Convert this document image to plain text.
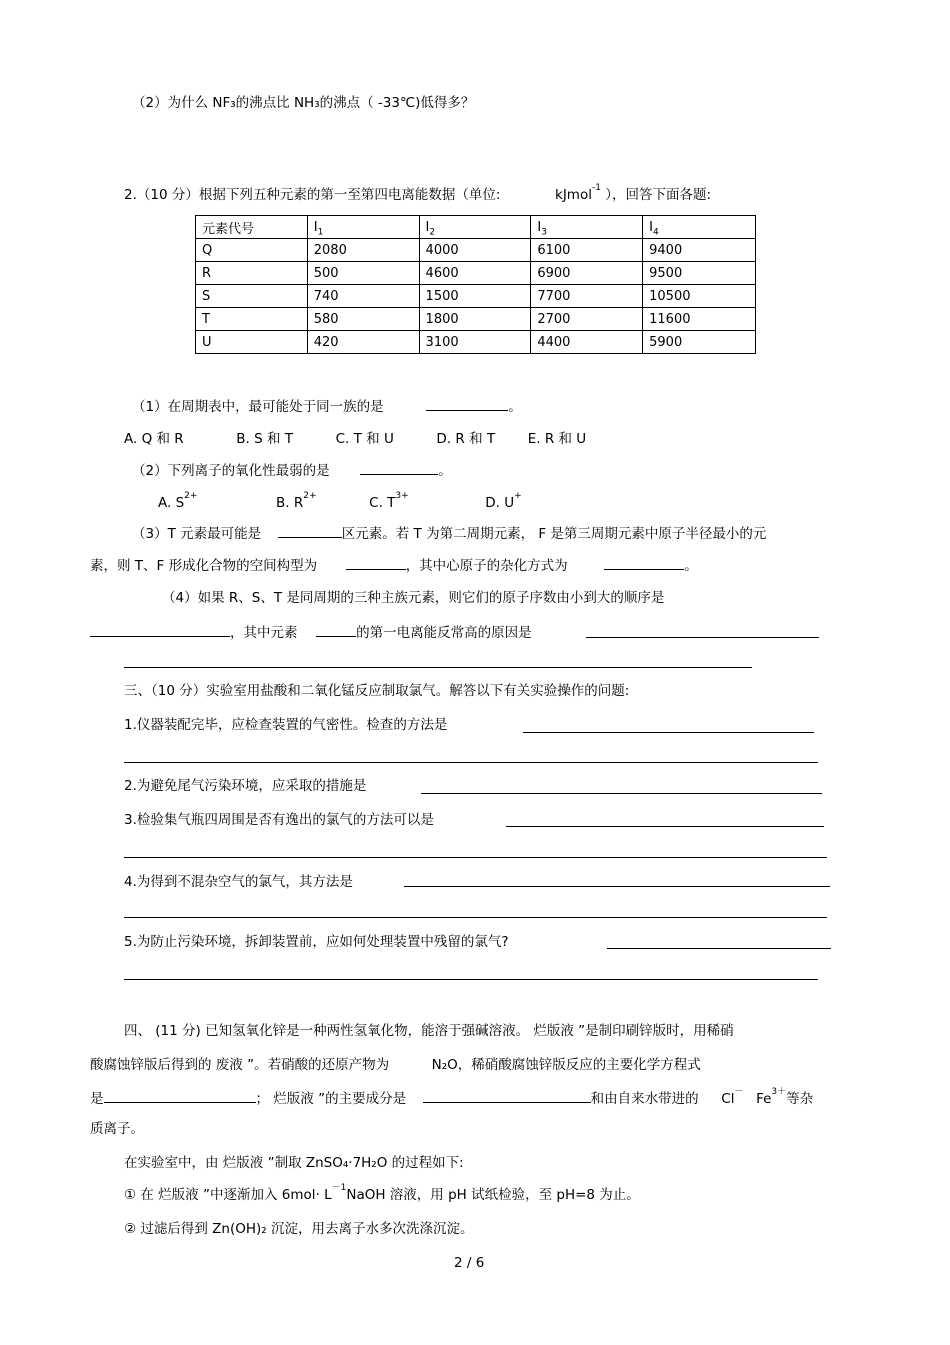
（2）为什么 NF₃的沸点比 NH₃的沸点（ -33℃)低得多？
2.（10 分）根据下列五种元素的第一至第四电离能数据（单位:	kJmol$^{-1}$ ），回答下面各题:
元素代号	$I_1$	$I_2$	$I_3$	$I_4$
Q	2080	4000	6100	9400
R	500	4600	6900	9500
S	740	1500	7700	10500
T	580	1800	2700	11600
U	420	3100	4400	5900
（1）在周期表中，最可能处于同一族的是	。
A. Q 和 R	B. S 和 T	C. T 和 U	D. R 和 T E. R 和 U
（2）下列离子的氧化性最弱的是	。
A. $S^{2+}$	B. $R^{2+}$	C. $T^{3+}$	D. U+
（3）T 元素最可能是	区元素。若 T 为第二周期元素， F 是第三周期元素中原子半径最小的元
素，则 T、F 形成化合物的空间构型为	，其中心原子的杂化方式为	。
（4）如果 R、S、T 是同周期的三种主族元素，则它们的原子序数由小到大的顺序是
，其中元素	的第一电离能反常高的原因是
三、（10 分）实验室用盐酸和二氧化锰反应制取氯气。解答以下有关实验操作的问题:
1.仪器装配完毕，应检查装置的气密性。检查的方法是
2.为避免尾气污染环境，应采取的措施是
3.检验集气瓶四周围是否有逸出的氯气的方法可以是
4.为得到不混杂空气的氯气，其方法是
5.为防止污染环境，拆卸装置前，应如何处理装置中残留的氯气?
四、 (11 分) 已知氢氧化锌是一种两性氢氧化物，能溶于强碱溶液。 烂版液 ”是制印刷锌版时，用稀硝
酸腐蚀锌版后得到的 废液 ”。若硝酸的还原产物为	N₂O，稀硝酸腐蚀锌版反应的主要化学方程式
是	； 烂版液 ”的主要成分是	和由自来水带进的 Cl－ $Fe^{3+}$等杂
质离子。
在实验室中，由 烂版液 ”制取 ZnSO₄·7H₂O 的过程如下:
① 在 烂版液 ”中逐渐加入 $6mol\cdot L^{-1}NaOH$ 溶液，用 pH 试纸检验，至 pH=8 为止。
② 过滤后得到 Zn(OH)₂ 沉淀，用去离子水多次洗涤沉淀。
2 / 6
